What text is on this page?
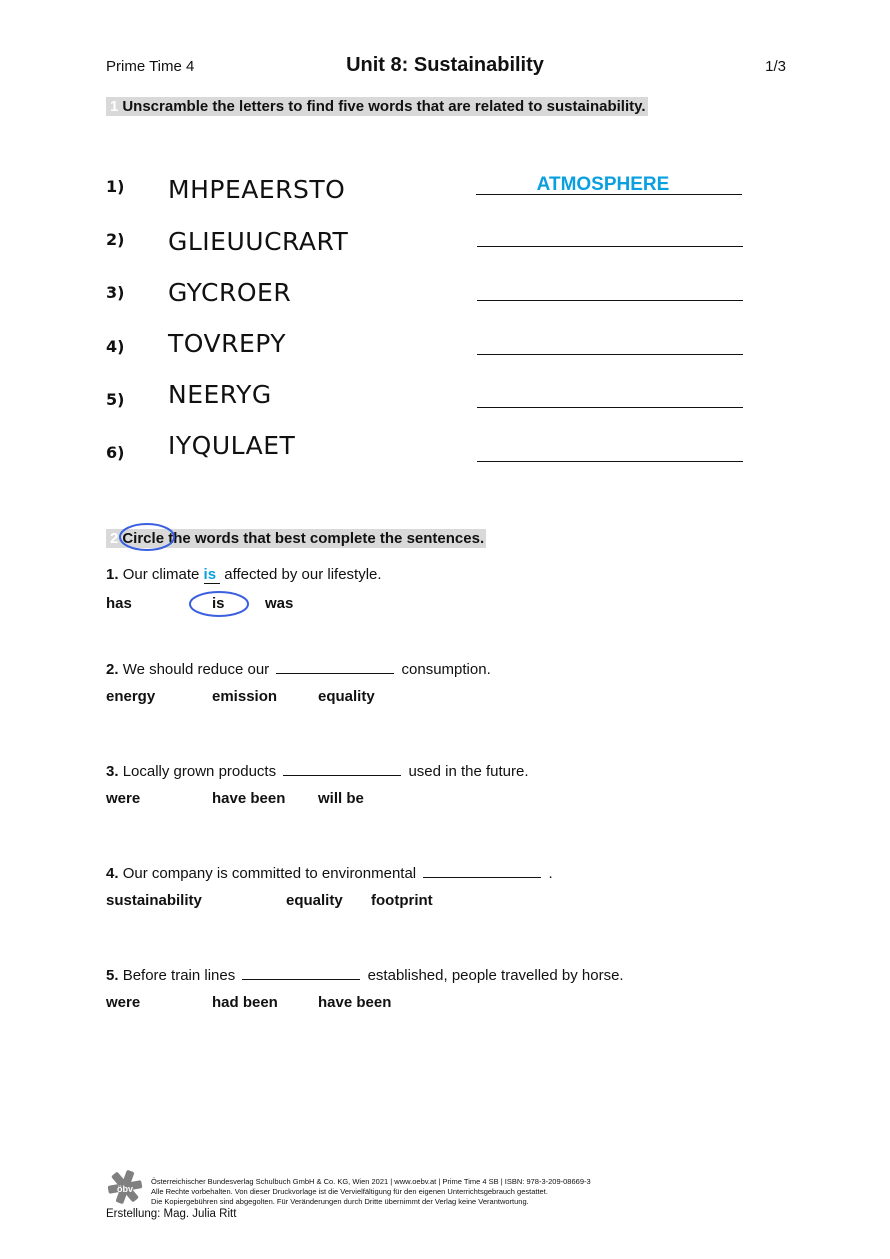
Prime Time 4	Unit 8: Sustainability	1/3
1 Unscramble the letters to find five words that are related to sustainability.
1) MHPEAERSTO	ATMOSPHERE
2) GLIEUUCRART
3) GYCROER
4) TOVREPY
5) NEERYG
6) IYQULAET
2 Circle the words that best complete the sentences.
1. Our climate is affected by our lifestyle.
has	is	was
2. We should reduce our	consumption.
energy	emission	equality
3. Locally grown products	used in the future.
were	have been will be
4. Our company is committed to environmental	.
sustainability	equality footprint
5. Before train lines	established, people travelled by horse.
were	had been	have been
öbv
Österreichischer Bundesverlag Schulbuch GmbH & Co. KG, Wien 2021 | www.oebv.at | Prime Time 4 SB | ISBN: 978-3-209-08669-3
Alle Rechte vorbehalten. Von dieser Druckvorlage ist die Vervielfältigung für den eigenen Unterrichtsgebrauch gestattet.
Die Kopiergebühren sind abgegolten. Für Veränderungen durch Dritte übernimmt der Verlag keine Verantwortung.
Erstellung: Mag. Julia Ritt
